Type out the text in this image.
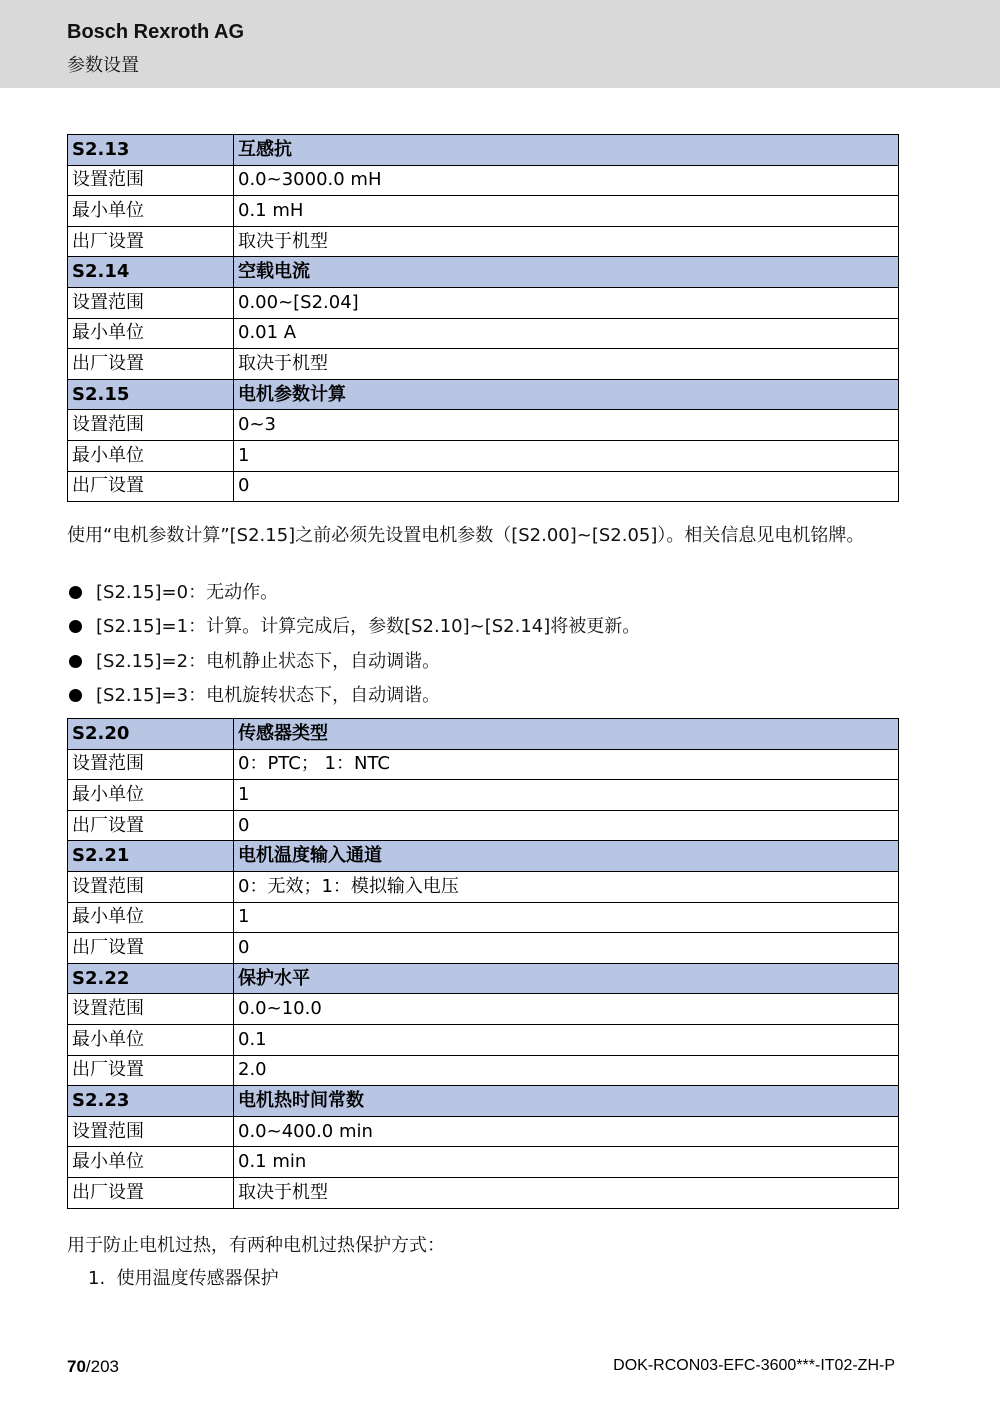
Bosch Rexroth AG
参数设置
S2.13	互感抗
设置范围	0.0~3000.0 mH
最小单位	0.1 mH
出厂设置	取决于机型
S2.14	空载电流
设置范围	0.00~[S2.04]
最小单位	0.01 A
出厂设置	取决于机型
S2.15	电机参数计算
设置范围	0~3
最小单位	1
出厂设置	0
使用“电机参数计算”[S2.15]之前必须先设置电机参数（[S2.00]~[S2.05]）。相关信息见电机铭牌。
[S2.15]=0：无动作。
[S2.15]=1：计算。计算完成后，参数[S2.10]~[S2.14]将被更新。
[S2.15]=2：电机静止状态下，自动调谐。
[S2.15]=3：电机旋转状态下，自动调谐。
S2.20	传感器类型
设置范围	0：PTC； 1：NTC
最小单位	1
出厂设置	0
S2.21	电机温度输入通道
设置范围	0：无效；1：模拟输入电压
最小单位	1
出厂设置	0
S2.22	保护水平
设置范围	0.0~10.0
最小单位	0.1
出厂设置	2.0
S2.23	电机热时间常数
设置范围	0.0~400.0 min
最小单位	0.1 min
出厂设置	取决于机型
用于防止电机过热，有两种电机过热保护方式：
1.  使用温度传感器保护
70/203	DOK-RCON03-EFC-3600***-IT02-ZH-P
